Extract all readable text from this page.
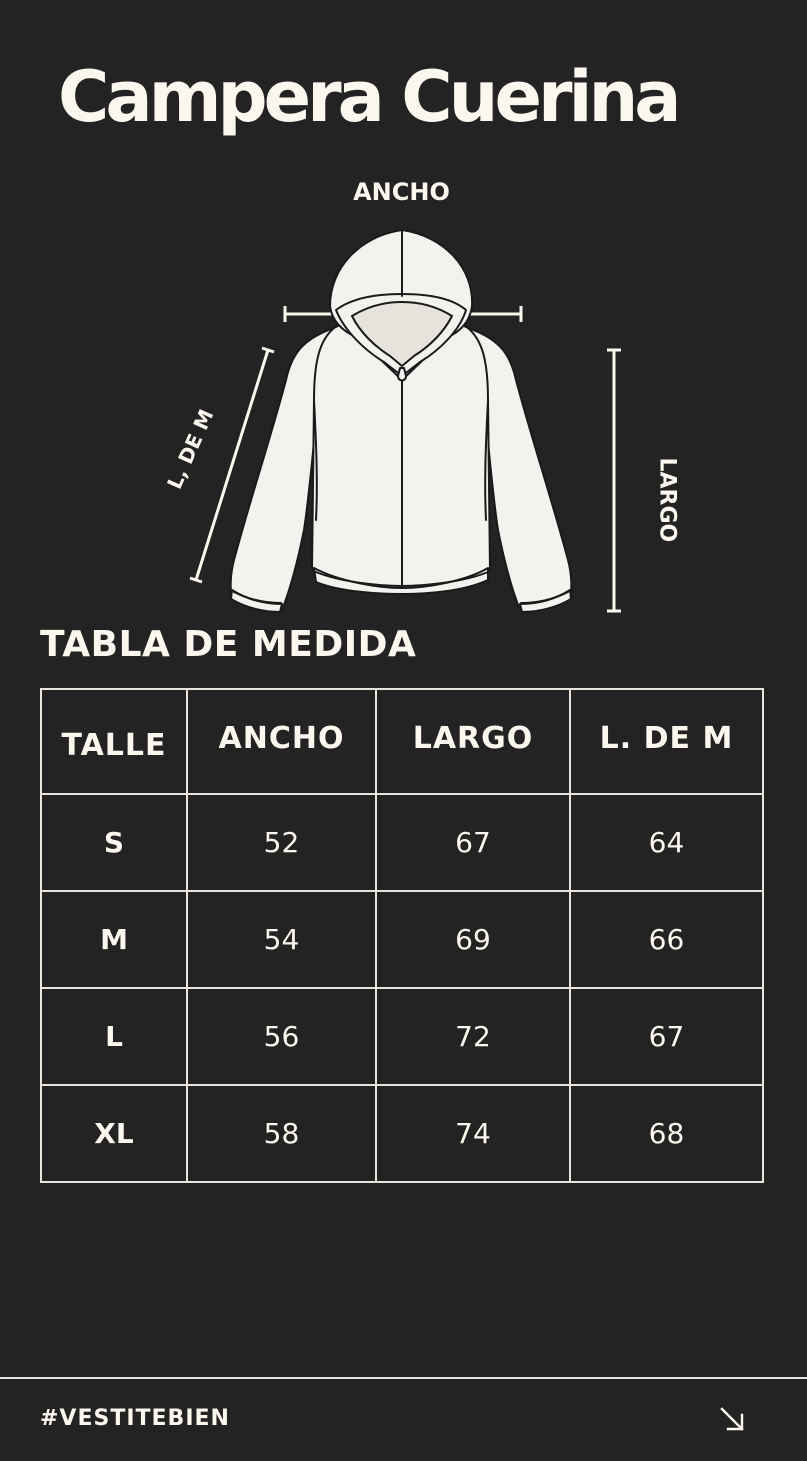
Campera Cuerina
ANCHO
LARGO
L, DE M
TABLA DE MEDIDA
TALLE	ANCHO	LARGO	L. DE M
S	52	67	64
M	54	69	66
L	56	72	67
XL	58	74	68
#VESTITEBIEN
